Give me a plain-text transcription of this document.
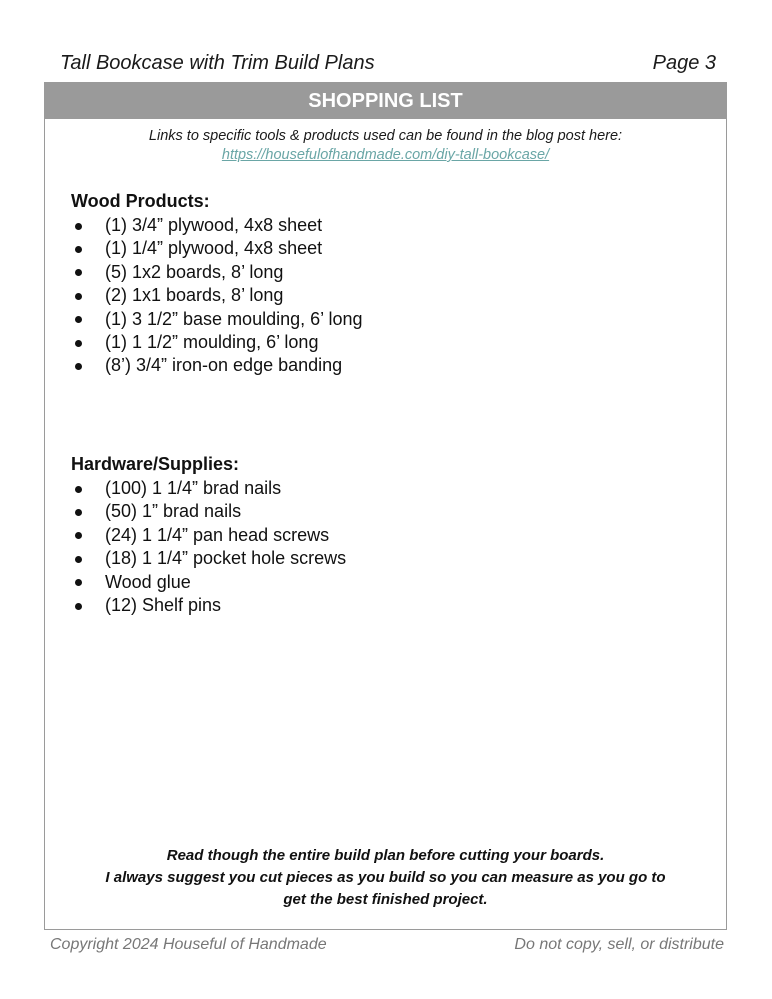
Tall Bookcase with Trim Build Plans	Page 3
SHOPPING LIST
Links to specific tools & products used can be found in the blog post here:
https://housefulofhandmade.com/diy-tall-bookcase/
Wood Products:
(1) 3/4” plywood, 4x8 sheet
(1) 1/4” plywood, 4x8 sheet
(5) 1x2 boards, 8’ long
(2) 1x1 boards, 8’ long
(1) 3 1/2” base moulding, 6’ long
(1) 1 1/2” moulding, 6’ long
(8’) 3/4” iron-on edge banding
Hardware/Supplies:
(100) 1 1/4” brad nails
(50) 1” brad nails
(24) 1 1/4” pan head screws
(18) 1 1/4” pocket hole screws
Wood glue
(12) Shelf pins
Read though the entire build plan before cutting your boards.
I always suggest you cut pieces as you build so you can measure as you go to
get the best finished project.
Copyright 2024 Houseful of Handmade	Do not copy, sell, or distribute
